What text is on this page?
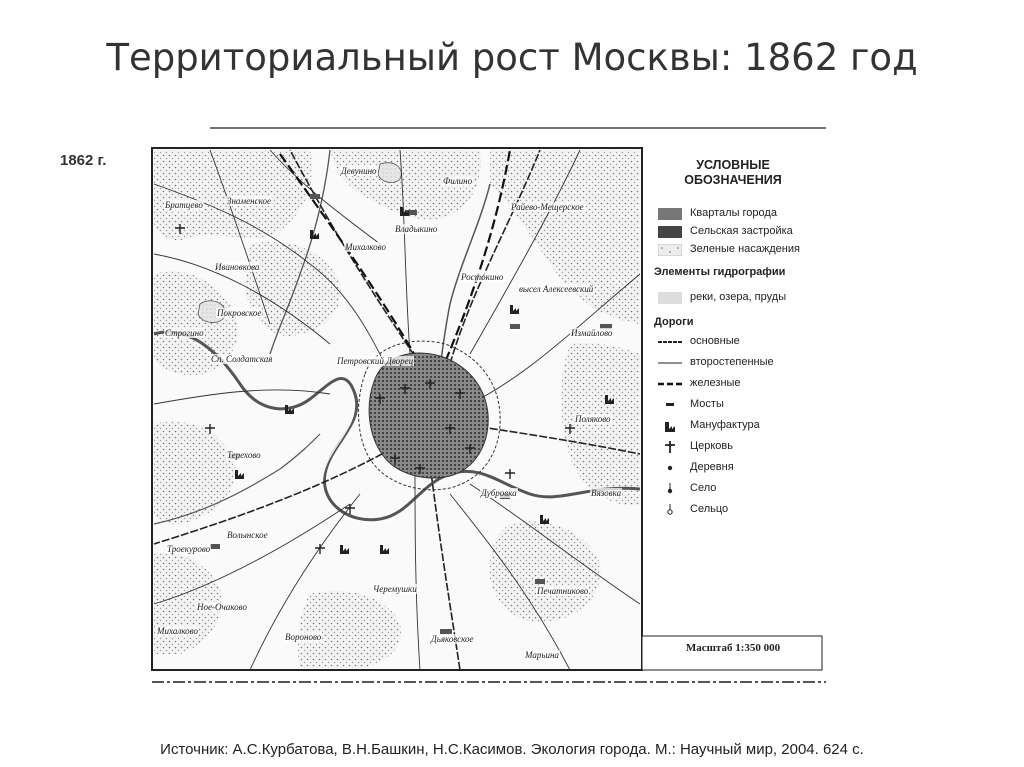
Территориальный рост Москвы: 1862 год
1862 г.	УСЛОВНЫЕ
ОБОЗНАЧЕНИЯ
Кварталы города
Сельская застройка
Зеленые насаждения
Элементы гидрографии
реки, озера, пруды
Дороги
основные
второстепенные
железные
Мосты
Мануфактура
Церковь
Деревня
Село
Сельцо
Масштаб 1:350 000
Девунино
Филино
Братцево	Знаменское
Владыкино
Райево-Мещерское
Михалково
Ивановкова
Ростокино
высел Алексеевский
Покровское
Строгино	Измайлово
Сп. Солдатская	Петровский Дворец
Поляково
Терехово
Дубровка	Вязовка
Волынское
Троекурово
Черемушки	Печатниково
Ное-Очаково
Михалково
Вороново	Дьяковское
Марьина
Источник: А.С.Курбатова, В.Н.Башкин, Н.С.Касимов. Экология города. М.: Научный мир, 2004. 624 с.
